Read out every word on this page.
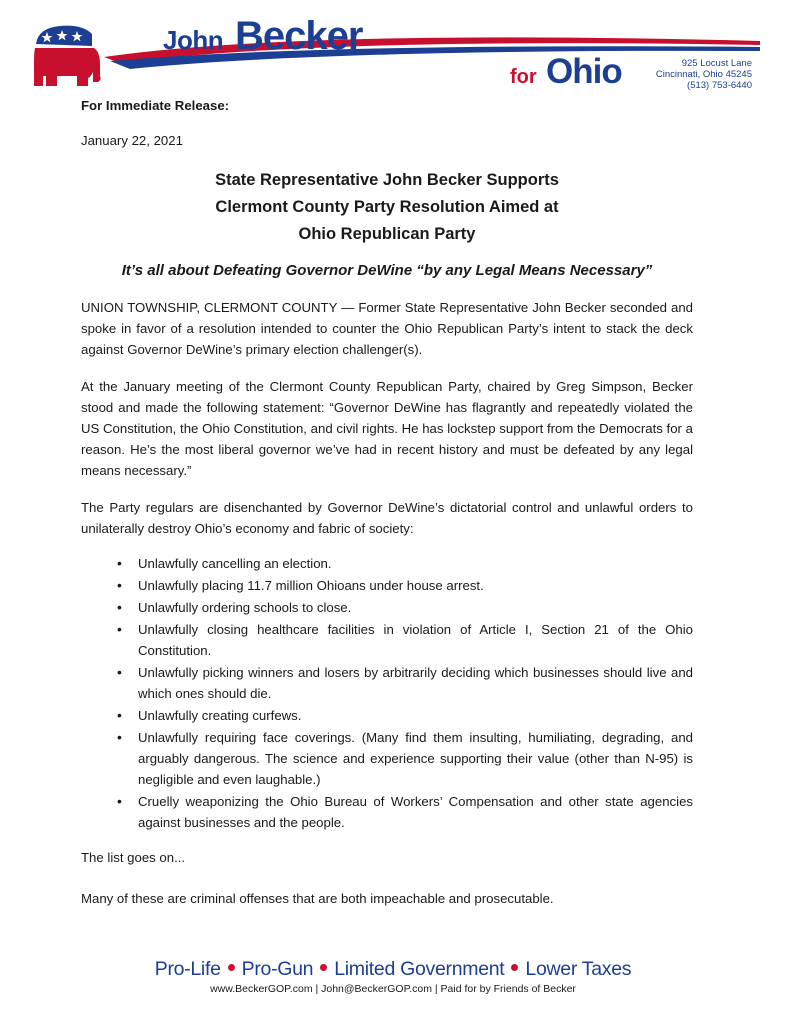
John Becker
for Ohio	925 Locust Lane
Cincinnati, Ohio 45245
(513) 753-6440
For Immediate Release:
January 22, 2021
State Representative John Becker Supports
Clermont County Party Resolution Aimed at
Ohio Republican Party
It’s all about Defeating Governor DeWine “by any Legal Means Necessary”

UNION TOWNSHIP, CLERMONT COUNTY — Former State Representative John Becker seconded and spoke in favor of a resolution intended to counter the Ohio Republican Party’s intent to stack the deck against Governor DeWine’s primary election challenger(s).

At the January meeting of the Clermont County Republican Party, chaired by Greg Simpson, Becker stood and made the following statement: “Governor DeWine has flagrantly and repeatedly violated the US Constitution, the Ohio Constitution, and civil rights. He has lockstep support from the Democrats for a reason. He’s the most liberal governor we’ve had in recent history and must be defeated by any legal means necessary.”

The Party regulars are disenchanted by Governor DeWine’s dictatorial control and unlawful orders to unilaterally destroy Ohio’s economy and fabric of society:

• Unlawfully cancelling an election.
• Unlawfully placing 11.7 million Ohioans under house arrest.
• Unlawfully ordering schools to close.
• Unlawfully closing healthcare facilities in violation of Article I, Section 21 of the Ohio Constitution.
• Unlawfully picking winners and losers by arbitrarily deciding which businesses should live and which ones should die.
• Unlawfully creating curfews.
• Unlawfully requiring face coverings. (Many find them insulting, humiliating, degrading, and arguably dangerous. The science and experience supporting their value (other than N-95) is negligible and even laughable.)
• Cruelly weaponizing the Ohio Bureau of Workers’ Compensation and other state agencies against businesses and the people.

The list goes on...

Many of these are criminal offenses that are both impeachable and prosecutable.

Pro-Life Pro-Gun Limited Government Lower Taxes
www.BeckerGOP.com | John@BeckerGOP.com | Paid for by Friends of Becker
